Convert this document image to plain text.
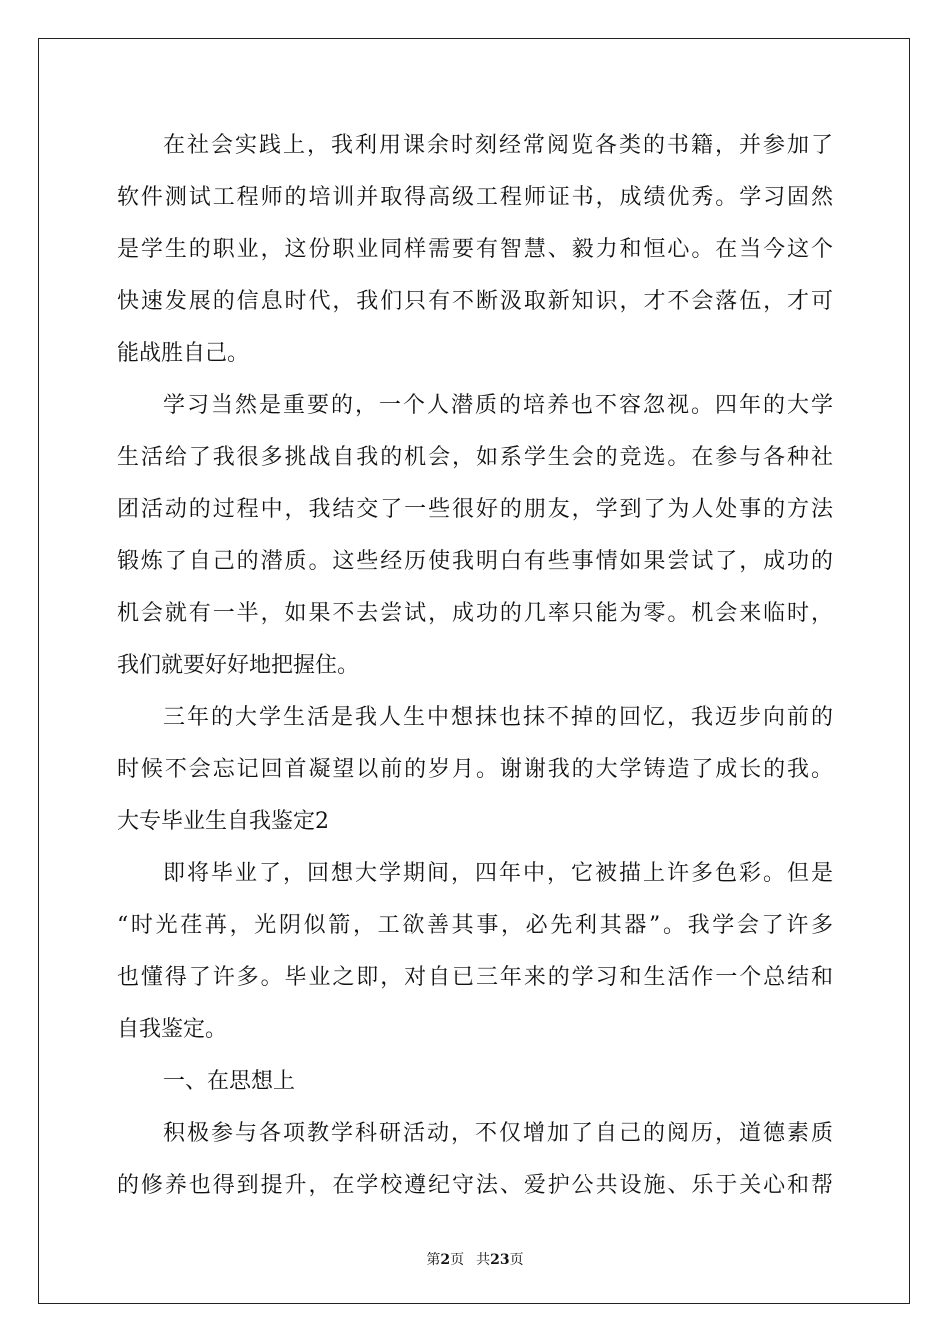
在社会实践上，我利用课余时刻经常阅览各类的书籍，并参加了
软件测试工程师的培训并取得高级工程师证书，成绩优秀。学习固然
是学生的职业，这份职业同样需要有智慧、毅力和恒心。在当今这个
快速发展的信息时代，我们只有不断汲取新知识，才不会落伍，才可
能战胜自己。
学习当然是重要的，一个人潜质的培养也不容忽视。四年的大学
生活给了我很多挑战自我的机会，如系学生会的竞选。在参与各种社
团活动的过程中，我结交了一些很好的朋友，学到了为人处事的方法
锻炼了自己的潜质。这些经历使我明白有些事情如果尝试了，成功的
机会就有一半，如果不去尝试，成功的几率只能为零。机会来临时，
我们就要好好地把握住。
三年的大学生活是我人生中想抹也抹不掉的回忆，我迈步向前的
时候不会忘记回首凝望以前的岁月。谢谢我的大学铸造了成长的我。
大专毕业生自我鉴定2
即将毕业了，回想大学期间，四年中，它被描上许多色彩。但是
“时光荏苒，光阴似箭，工欲善其事，必先利其器”。我学会了许多
也懂得了许多。毕业之即，对自已三年来的学习和生活作一个总结和
自我鉴定。
一、在思想上
积极参与各项教学科研活动，不仅增加了自己的阅历，道德素质
的修养也得到提升，在学校遵纪守法、爱护公共设施、乐于关心和帮
第2页 共23页
